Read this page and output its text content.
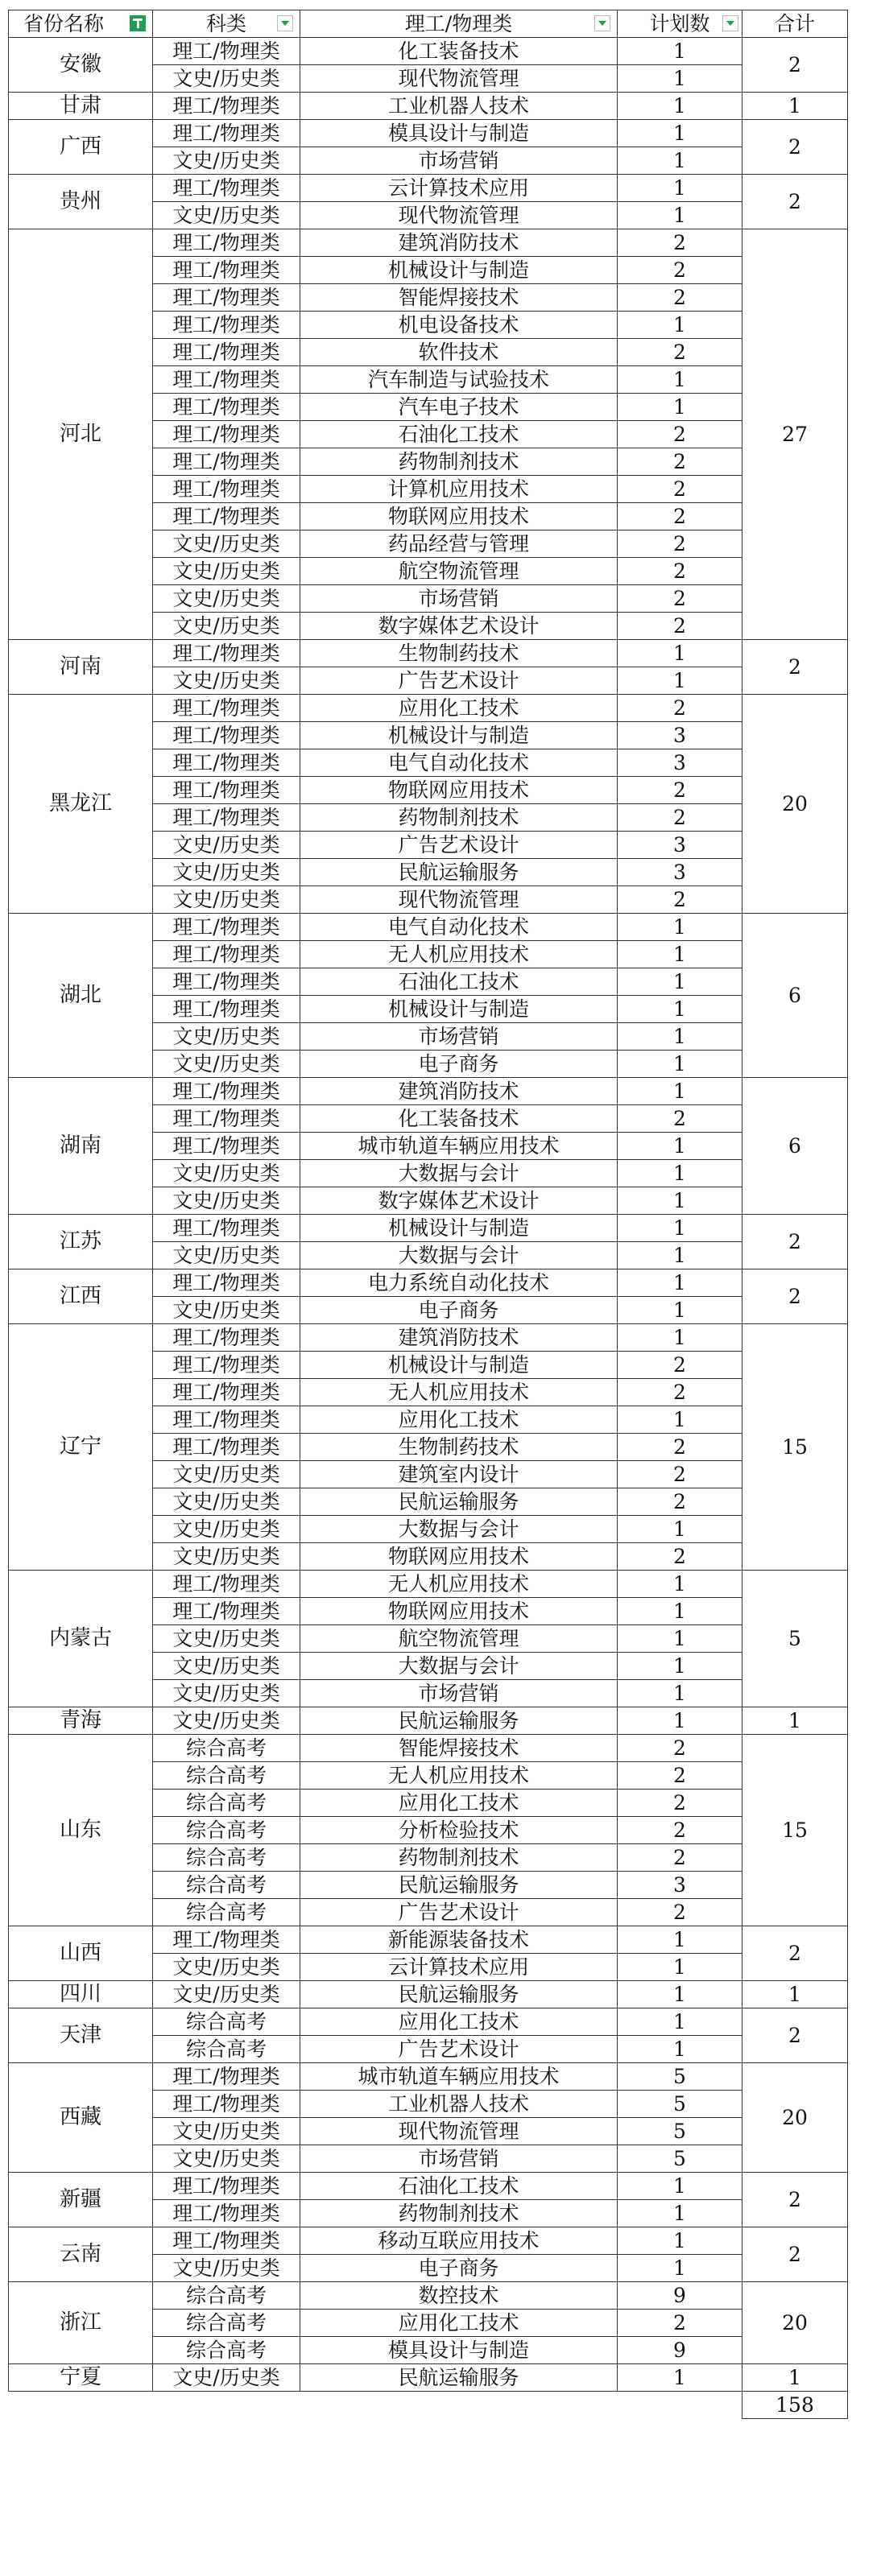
省份名称	科类	理工/物理类	计划数	合计
安徽	理工/物理类	化工装备技术	1	2
	文史/历史类	现代物流管理	1	
甘肃	理工/物理类	工业机器人技术	1	1
广西	理工/物理类	模具设计与制造	1	2
	文史/历史类	市场营销	1	
贵州	理工/物理类	云计算技术应用	1	2
	文史/历史类	现代物流管理	1	
河北	理工/物理类	建筑消防技术	2	27
	理工/物理类	机械设计与制造	2	
	理工/物理类	智能焊接技术	2	
	理工/物理类	机电设备技术	1	
	理工/物理类	软件技术	2	
	理工/物理类	汽车制造与试验技术	1	
	理工/物理类	汽车电子技术	1	
	理工/物理类	石油化工技术	2	
	理工/物理类	药物制剂技术	2	
	理工/物理类	计算机应用技术	2	
	理工/物理类	物联网应用技术	2	
	文史/历史类	药品经营与管理	2	
	文史/历史类	航空物流管理	2	
	文史/历史类	市场营销	2	
	文史/历史类	数字媒体艺术设计	2	
河南	理工/物理类	生物制药技术	1	2
	文史/历史类	广告艺术设计	1	
黑龙江	理工/物理类	应用化工技术	2	20
	理工/物理类	机械设计与制造	3	
	理工/物理类	电气自动化技术	3	
	理工/物理类	物联网应用技术	2	
	理工/物理类	药物制剂技术	2	
	文史/历史类	广告艺术设计	3	
	文史/历史类	民航运输服务	3	
	文史/历史类	现代物流管理	2	
湖北	理工/物理类	电气自动化技术	1	6
	理工/物理类	无人机应用技术	1	
	理工/物理类	石油化工技术	1	
	理工/物理类	机械设计与制造	1	
	文史/历史类	市场营销	1	
	文史/历史类	电子商务	1	
湖南	理工/物理类	建筑消防技术	1	6
	理工/物理类	化工装备技术	2	
	理工/物理类	城市轨道车辆应用技术	1	
	文史/历史类	大数据与会计	1	
	文史/历史类	数字媒体艺术设计	1	
江苏	理工/物理类	机械设计与制造	1	2
	文史/历史类	大数据与会计	1	
江西	理工/物理类	电力系统自动化技术	1	2
	文史/历史类	电子商务	1	
辽宁	理工/物理类	建筑消防技术	1	15
	理工/物理类	机械设计与制造	2	
	理工/物理类	无人机应用技术	2	
	理工/物理类	应用化工技术	1	
	理工/物理类	生物制药技术	2	
	文史/历史类	建筑室内设计	2	
	文史/历史类	民航运输服务	2	
	文史/历史类	大数据与会计	1	
	文史/历史类	物联网应用技术	2	
内蒙古	理工/物理类	无人机应用技术	1	5
	理工/物理类	物联网应用技术	1	
	文史/历史类	航空物流管理	1	
	文史/历史类	大数据与会计	1	
	文史/历史类	市场营销	1	
青海	文史/历史类	民航运输服务	1	1
山东	综合高考	智能焊接技术	2	15
	综合高考	无人机应用技术	2	
	综合高考	应用化工技术	2	
	综合高考	分析检验技术	2	
	综合高考	药物制剂技术	2	
	综合高考	民航运输服务	3	
	综合高考	广告艺术设计	2	
山西	理工/物理类	新能源装备技术	1	2
	文史/历史类	云计算技术应用	1	
四川	文史/历史类	民航运输服务	1	1
天津	综合高考	应用化工技术	1	2
	综合高考	广告艺术设计	1	
西藏	理工/物理类	城市轨道车辆应用技术	5	20
	理工/物理类	工业机器人技术	5	
	文史/历史类	现代物流管理	5	
	文史/历史类	市场营销	5	
新疆	理工/物理类	石油化工技术	1	2
	理工/物理类	药物制剂技术	1	
云南	理工/物理类	移动互联应用技术	1	2
	文史/历史类	电子商务	1	
浙江	综合高考	数控技术	9	20
	综合高考	应用化工技术	2	
	综合高考	模具设计与制造	9	
宁夏	文史/历史类	民航运输服务	1	1
				158
